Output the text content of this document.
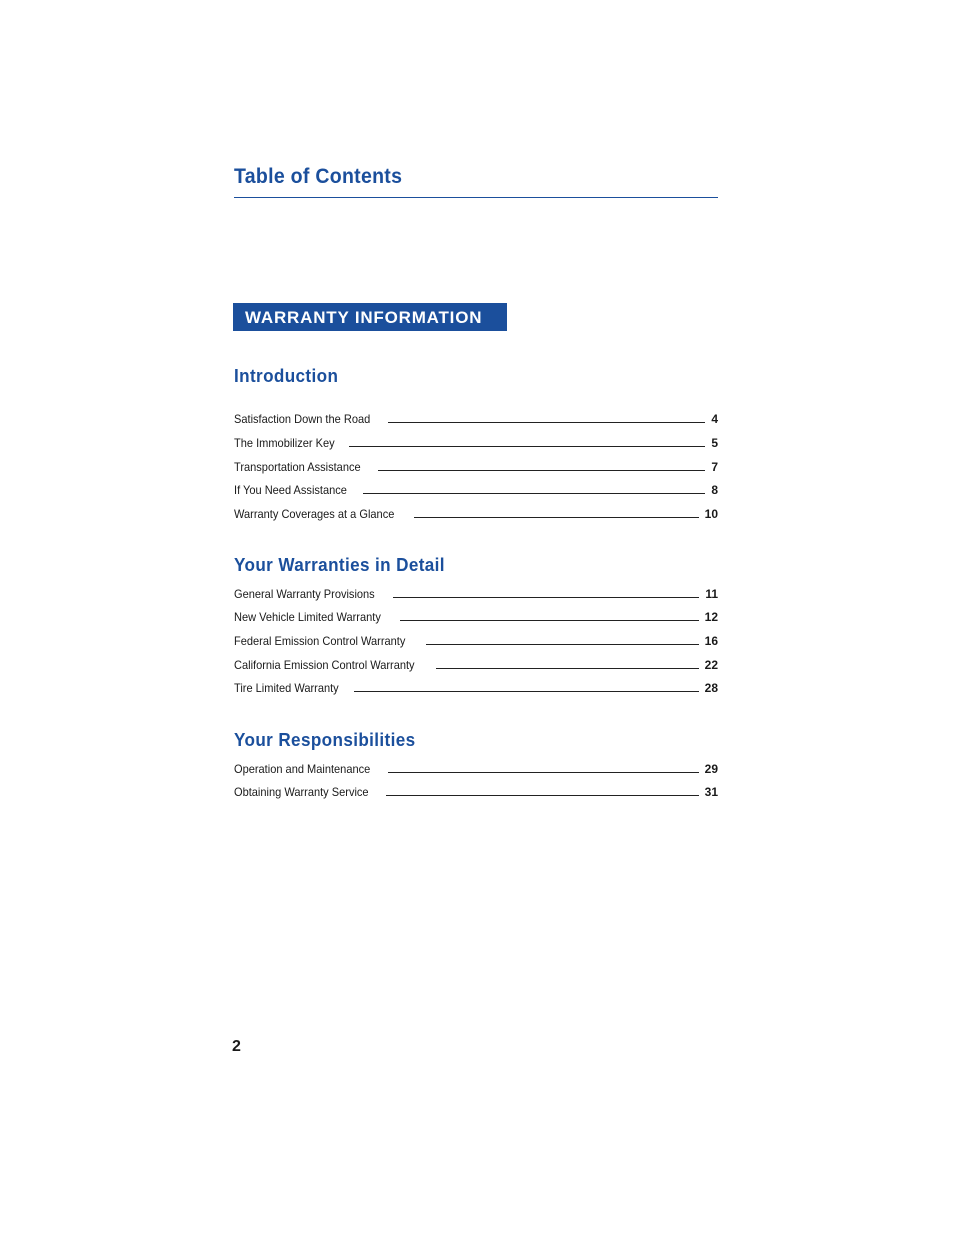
Table of Contents
WARRANTY INFORMATION
Introduction
Satisfaction Down the Road	4
The Immobilizer Key	5
Transportation Assistance	7
If You Need Assistance	8
Warranty Coverages at a Glance	10
Your Warranties in Detail
General Warranty Provisions	11
New Vehicle Limited Warranty	12
Federal Emission Control Warranty	16
California Emission Control Warranty	22
Tire Limited Warranty	28
Your Responsibilities
Operation and Maintenance	29
Obtaining Warranty Service	31
2
